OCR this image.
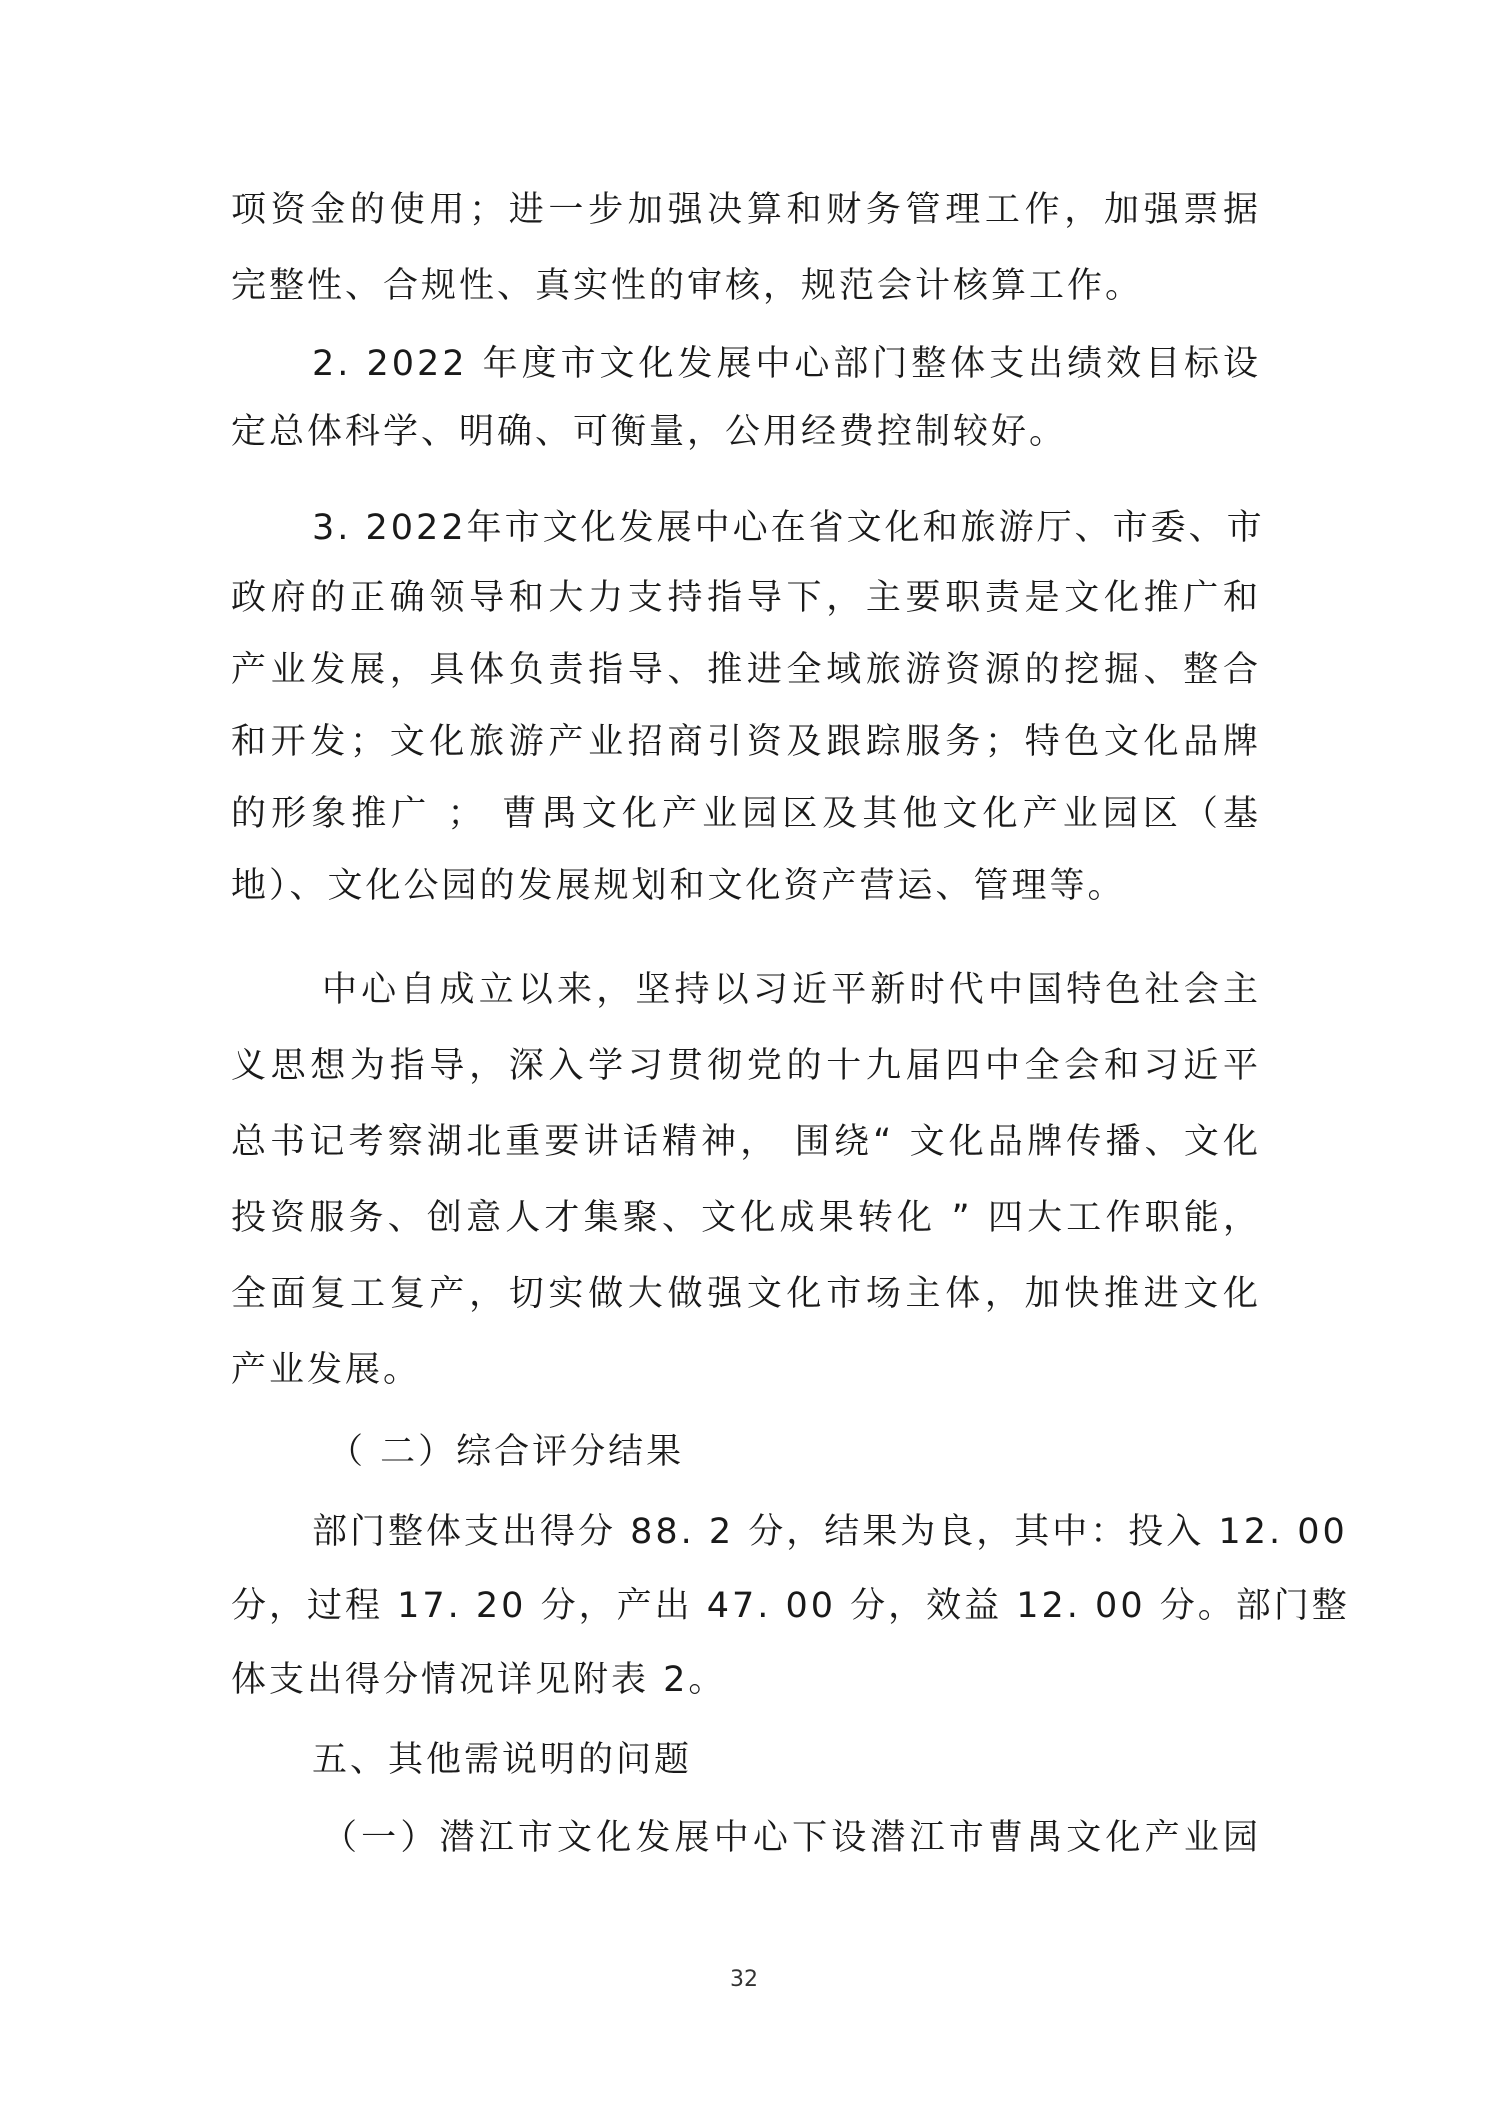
项资金的使用；进一步加强决算和财务管理工作，加强票据
完整性、合规性、真实性的审核，规范会计核算工作。
2. 2022 年度市文化发展中心部门整体支出绩效目标设
定总体科学、明确、可衡量，公用经费控制较好。
3. 2022年市文化发展中心在省文化和旅游厅、市委、市
政府的正确领导和大力支持指导下，主要职责是文化推广和
产业发展，具体负责指导、推进全域旅游资源的挖掘、整合
和开发；文化旅游产业招商引资及跟踪服务；特色文化品牌
的形象推广 ； 曹禺文化产业园区及其他文化产业园区（基
地）、文化公园的发展规划和文化资产营运、管理等。
中心自成立以来，坚持以习近平新时代中国特色社会主
义思想为指导，深入学习贯彻党的十九届四中全会和习近平
总书记考察湖北重要讲话精神， 围绕“ 文化品牌传播、文化
投资服务、创意人才集聚、文化成果转化 ” 四大工作职能，
全面复工复产，切实做大做强文化市场主体，加快推进文化
产业发展。
（ 二）综合评分结果
部门整体支出得分 88. 2 分，结果为良，其中：投入 12. 00
分，过程 17. 20 分，产出 47. 00 分，效益 12. 00 分。部门整
体支出得分情况详见附表 2。
五、其他需说明的问题
（一）潜江市文化发展中心下设潜江市曹禺文化产业园
32
